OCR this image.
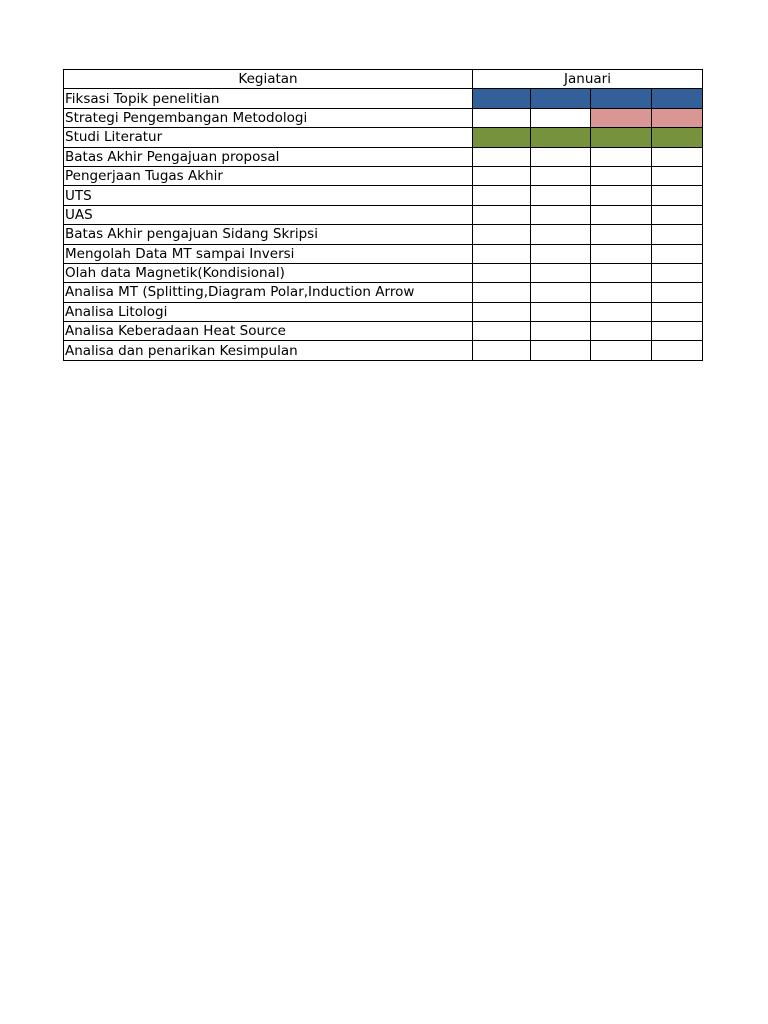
Kegiatan	Januari			
Fiksasi Topik penelitian				
Strategi Pengembangan Metodologi				
Studi Literatur				
Batas Akhir Pengajuan proposal				
Pengerjaan Tugas Akhir				
UTS				
UAS				
Batas Akhir pengajuan Sidang Skripsi				
Mengolah Data MT sampai Inversi				
Olah data Magnetik(Kondisional)				
Analisa MT (Splitting,Diagram Polar,Induction Arrow				
Analisa Litologi				
Analisa Keberadaan Heat Source				
Analisa dan penarikan Kesimpulan				
